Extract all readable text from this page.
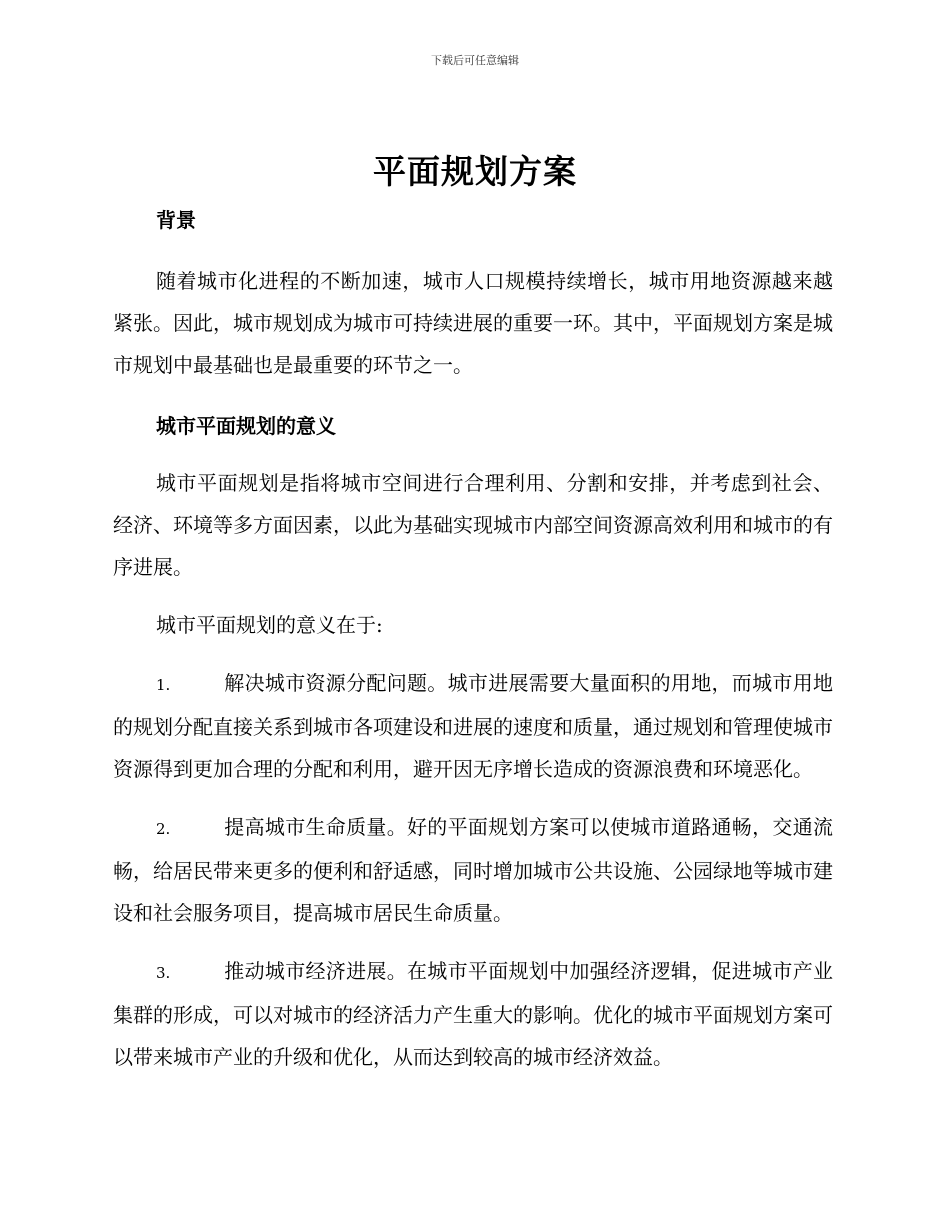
下载后可任意编辑
平面规划方案

背景

随着城市化进程的不断加速，城市人口规模持续增长，城市用地资源越来越紧张。因此，城市规划成为城市可持续进展的重要一环。其中，平面规划方案是城市规划中最基础也是最重要的环节之一。

城市平面规划的意义

城市平面规划是指将城市空间进行合理利用、分割和安排，并考虑到社会、经济、环境等多方面因素，以此为基础实现城市内部空间资源高效利用和城市的有序进展。

城市平面规划的意义在于:

1.	解决城市资源分配问题。城市进展需要大量面积的用地，而城市用地的规划分配直接关系到城市各项建设和进展的速度和质量，通过规划和管理使城市资源得到更加合理的分配和利用，避开因无序增长造成的资源浪费和环境恶化。

2.	提高城市生命质量。好的平面规划方案可以使城市道路通畅，交通流畅，给居民带来更多的便利和舒适感，同时增加城市公共设施、公园绿地等城市建设和社会服务项目，提高城市居民生命质量。

3.	推动城市经济进展。在城市平面规划中加强经济逻辑，促进城市产业集群的形成，可以对城市的经济活力产生重大的影响。优化的城市平面规划方案可以带来城市产业的升级和优化，从而达到较高的城市经济效益。
